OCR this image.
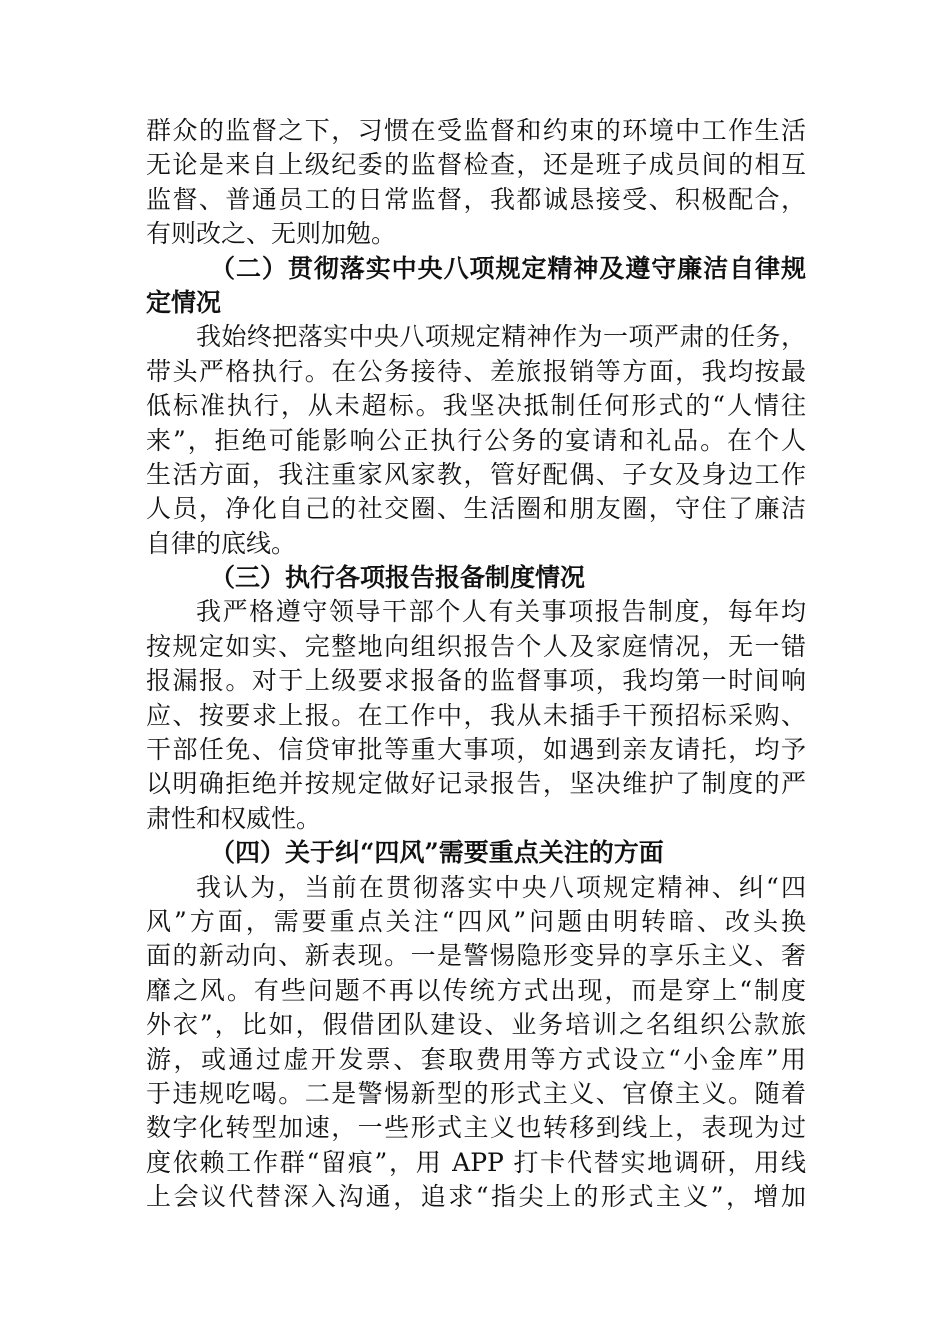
群众的监督之下，习惯在受监督和约束的环境中工作生活
无论是来自上级纪委的监督检查，还是班子成员间的相互
监督、普通员工的日常监督，我都诚恳接受、积极配合，
有则改之、无则加勉。
（二）贯彻落实中央八项规定精神及遵守廉洁自律规
定情况
我始终把落实中央八项规定精神作为一项严肃的任务，
带头严格执行。在公务接待、差旅报销等方面，我均按最
低标准执行，从未超标。我坚决抵制任何形式的“人情往
来”，拒绝可能影响公正执行公务的宴请和礼品。在个人
生活方面，我注重家风家教，管好配偶、子女及身边工作
人员，净化自己的社交圈、生活圈和朋友圈，守住了廉洁
自律的底线。
（三）执行各项报告报备制度情况
我严格遵守领导干部个人有关事项报告制度，每年均
按规定如实、完整地向组织报告个人及家庭情况，无一错
报漏报。对于上级要求报备的监督事项，我均第一时间响
应、按要求上报。在工作中，我从未插手干预招标采购、
干部任免、信贷审批等重大事项，如遇到亲友请托，均予
以明确拒绝并按规定做好记录报告，坚决维护了制度的严
肃性和权威性。
（四）关于纠“四风”需要重点关注的方面
我认为，当前在贯彻落实中央八项规定精神、纠“四
风”方面，需要重点关注“四风”问题由明转暗、改头换
面的新动向、新表现。一是警惕隐形变异的享乐主义、奢
靡之风。有些问题不再以传统方式出现，而是穿上“制度
外衣”，比如，假借团队建设、业务培训之名组织公款旅
游，或通过虚开发票、套取费用等方式设立“小金库”用
于违规吃喝。二是警惕新型的形式主义、官僚主义。随着
数字化转型加速，一些形式主义也转移到线上，表现为过
度依赖工作群“留痕”，用 APP 打卡代替实地调研，用线
上会议代替深入沟通，追求“指尖上的形式主义”，增加
